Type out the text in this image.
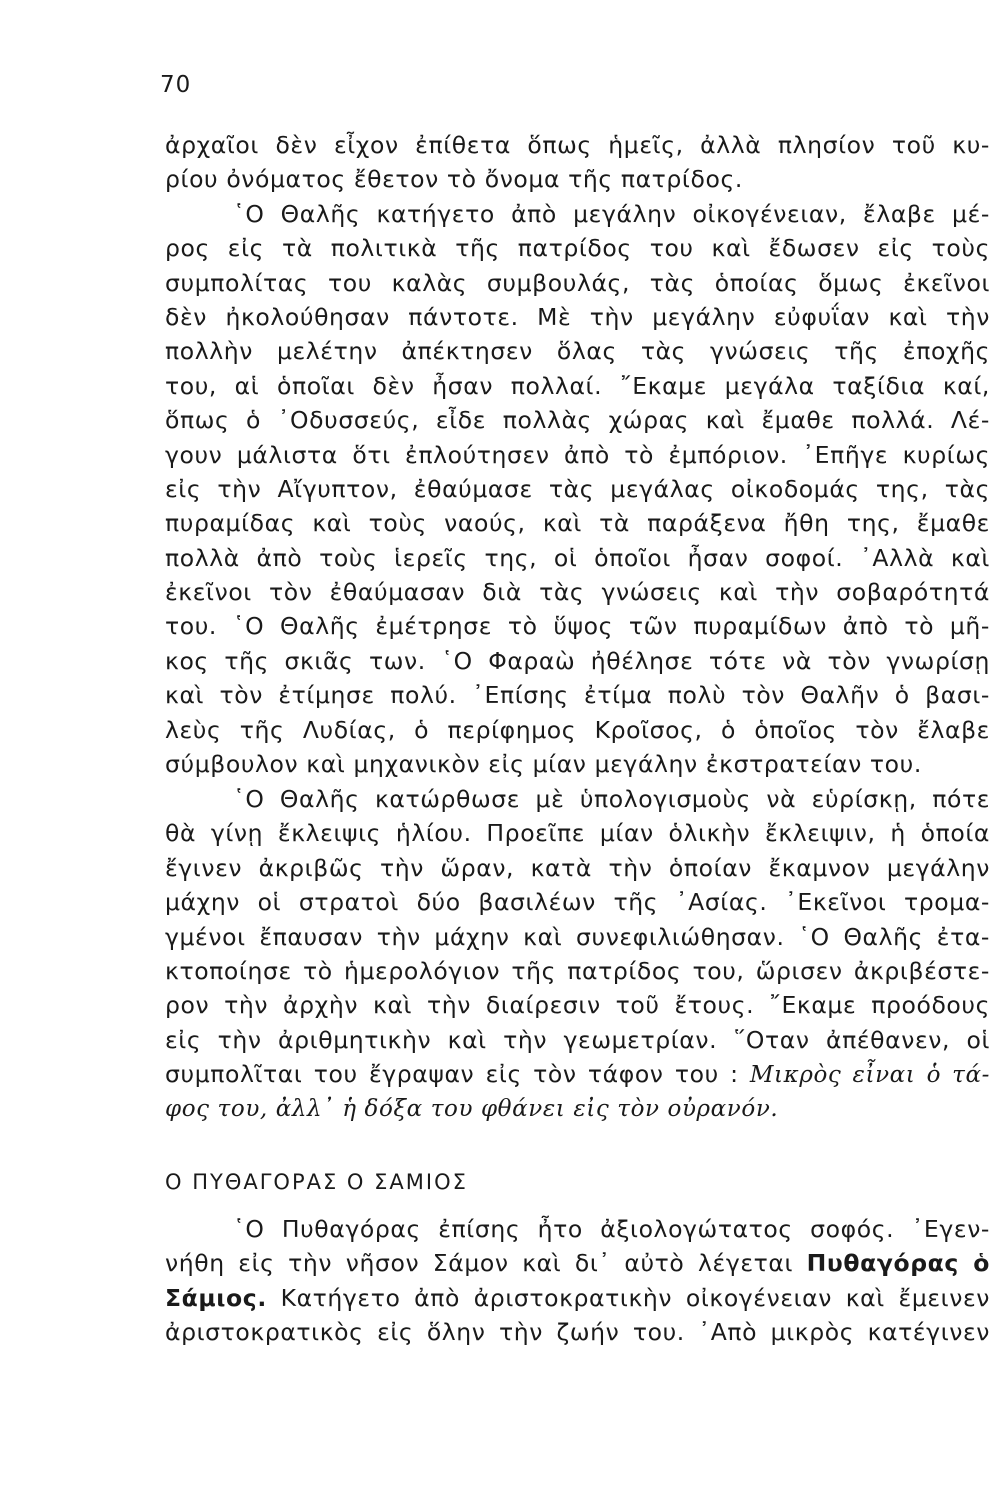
70
ἀρχαῖοι δὲν εἶχον ἐπίθετα ὅπως ἡμεῖς, ἀλλὰ πλησίον τοῦ κυ-
ρίου ὀνόματος ἔθετον τὸ ὄνομα τῆς πατρίδος.
῾Ο Θαλῆς κατήγετο ἀπὸ μεγάλην οἰκογένειαν, ἔλαβε μέ-
ρος εἰς τὰ πολιτικὰ τῆς πατρίδος του καὶ ἔδωσεν εἰς τοὺς
συμπολίτας του καλὰς συμβουλάς, τὰς ὁποίας ὅμως ἐκεῖνοι
δὲν ἠκολούθησαν πάντοτε. Μὲ τὴν μεγάλην εὐφυΐαν καὶ τὴν
πολλὴν μελέτην ἀπέκτησεν ὅλας τὰς γνώσεις τῆς ἐποχῆς
του, αἱ ὁποῖαι δὲν ἦσαν πολλαί. ῎Εκαμε μεγάλα ταξίδια καί,
ὅπως ὁ ᾿Οδυσσεύς, εἶδε πολλὰς χώρας καὶ ἔμαθε πολλά. Λέ-
γουν μάλιστα ὅτι ἐπλούτησεν ἀπὸ τὸ ἐμπόριον. ᾿Επῆγε κυρίως
εἰς τὴν Αἴγυπτον, ἐθαύμασε τὰς μεγάλας οἰκοδομάς της, τὰς
πυραμίδας καὶ τοὺς ναούς, καὶ τὰ παράξενα ἤθη της, ἔμαθε
πολλὰ ἀπὸ τοὺς ἱερεῖς της, οἱ ὁποῖοι ἦσαν σοφοί. ᾿Αλλὰ καὶ
ἐκεῖνοι τὸν ἐθαύμασαν διὰ τὰς γνώσεις καὶ τὴν σοβαρότητά
του. ῾Ο Θαλῆς ἐμέτρησε τὸ ὕψος τῶν πυραμίδων ἀπὸ τὸ μῆ-
κος τῆς σκιᾶς των. ῾Ο Φαραὼ ἠθέλησε τότε νὰ τὸν γνωρίσῃ
καὶ τὸν ἐτίμησε πολύ. ᾿Επίσης ἐτίμα πολὺ τὸν Θαλῆν ὁ βασι-
λεὺς τῆς Λυδίας, ὁ περίφημος Κροῖσος, ὁ ὁποῖος τὸν ἔλαβε
σύμβουλον καὶ μηχανικὸν εἰς μίαν μεγάλην ἐκστρατείαν του.
῾Ο Θαλῆς κατώρθωσε μὲ ὑπολογισμοὺς νὰ εὑρίσκῃ, πότε
θὰ γίνῃ ἔκλειψις ἡλίου. Προεῖπε μίαν ὁλικὴν ἔκλειψιν, ἡ ὁποία
ἔγινεν ἀκριβῶς τὴν ὥραν, κατὰ τὴν ὁποίαν ἔκαμνον μεγάλην
μάχην οἱ στρατοὶ δύο βασιλέων τῆς ᾿Ασίας. ᾿Εκεῖνοι τρομα-
γμένοι ἔπαυσαν τὴν μάχην καὶ συνεφιλιώθησαν. ῾Ο Θαλῆς ἐτα-
κτοποίησε τὸ ἡμερολόγιον τῆς πατρίδος του, ὥρισεν ἀκριβέστε-
ρον τὴν ἀρχὴν καὶ τὴν διαίρεσιν τοῦ ἔτους. ῎Εκαμε προόδους
εἰς τὴν ἀριθμητικὴν καὶ τὴν γεωμετρίαν. ῞Οταν ἀπέθανεν, οἱ
συμπολῖται του ἔγραψαν εἰς τὸν τάφον του : Μικρὸς εἶναι ὁ τά-
φος του, ἀλλ᾿ ἡ δόξα του φθάνει εἰς τὸν οὐρανόν.
Ο ΠΥΘΑΓΟΡΑΣ Ο ΣΑΜΙΟΣ
῾Ο Πυθαγόρας ἐπίσης ἦτο ἀξιολογώτατος σοφός. ᾿Εγεν-
νήθη εἰς τὴν νῆσον Σάμον καὶ δι᾿ αὐτὸ λέγεται Πυθαγόρας ὁ
Σάμιος. Κατήγετο ἀπὸ ἀριστοκρατικὴν οἰκογένειαν καὶ ἔμεινεν
ἀριστοκρατικὸς εἰς ὅλην τὴν ζωήν του. ᾿Απὸ μικρὸς κατέγινεν
